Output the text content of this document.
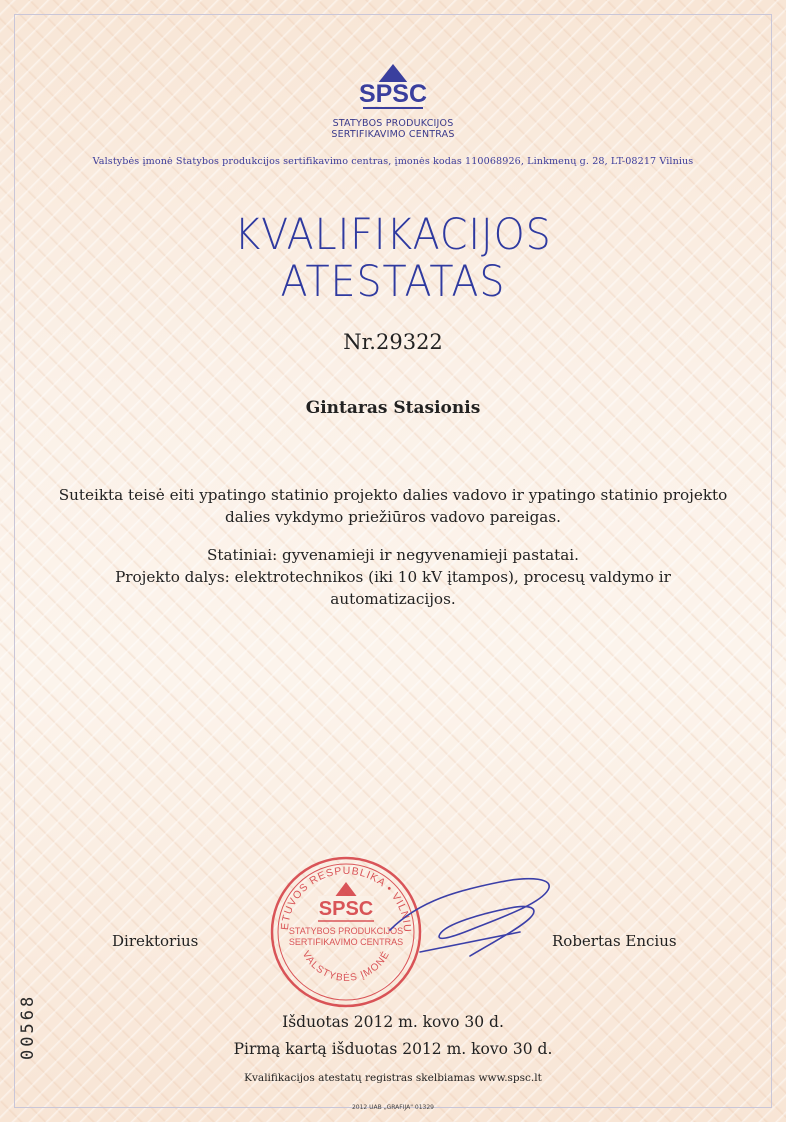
SPSC
STATYBOS PRODUKCIJOS
SERTIFIKAVIMO CENTRAS
Valstybės įmonė Statybos produkcijos sertifikavimo centras, įmonės kodas 110068926, Linkmenų g. 28, LT-08217 Vilnius
KVALIFIKACIJOS
ATESTATAS
Nr.29322
Gintaras Stasionis
Suteikta teisė eiti ypatingo statinio projekto dalies vadovo ir ypatingo statinio projekto
dalies vykdymo priežiūros vadovo pareigas.
Statiniai: gyvenamieji ir negyvenamieji pastatai.
Projekto dalys: elektrotechnikos (iki 10 kV įtampos), procesų valdymo ir
automatizacijos.
ETUVOS RESPUBLIKA • VILNIU
SPSC
STATYBOS PRODUKCIJOS
SERTIFIKAVIMO CENTRAS
VALSTYBĖS ĮMONĖ
Direktorius	Robertas Encius
Išduotas 2012 m. kovo 30 d.
Pirmą kartą išduotas 2012 m. kovo 30 d.
Kvalifikacijos atestatų registras skelbiamas www.spsc.lt
2012 UAB „GRAFIJA" 01329
00568
